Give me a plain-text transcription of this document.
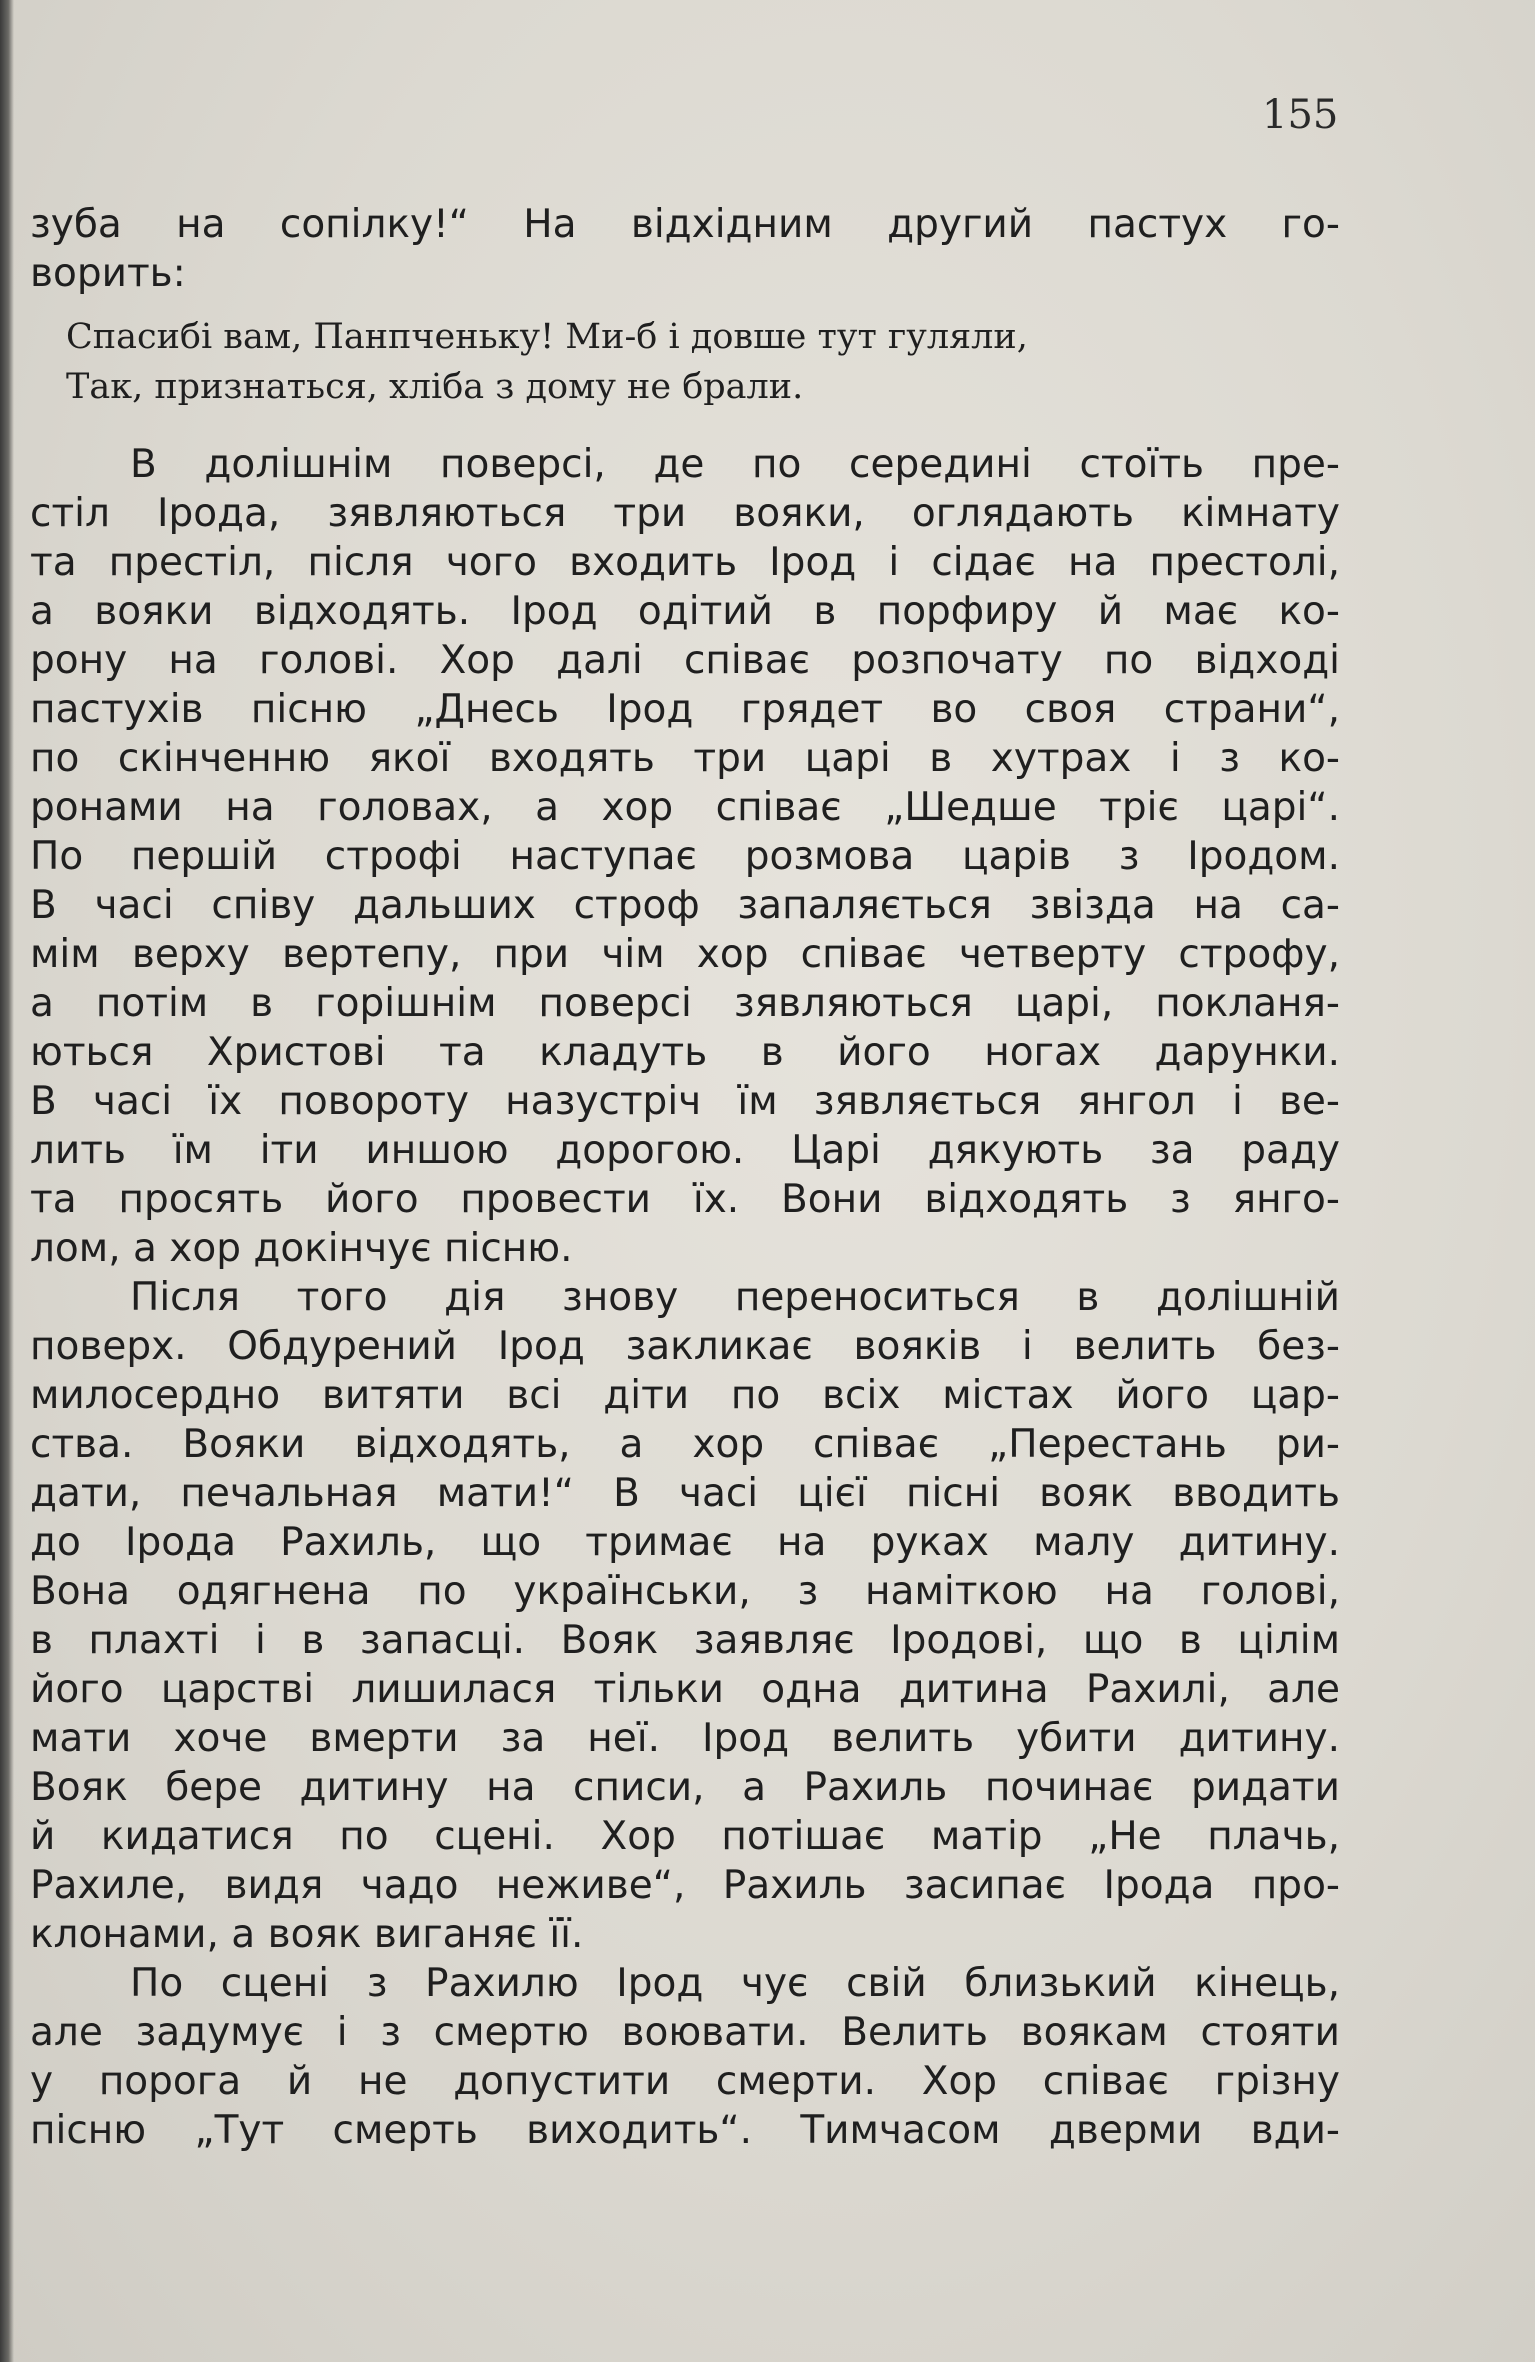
155
зуба на сопілку!“ На відхідним другий пастух го-
ворить:
Спасибі вам, Панпченьку! Ми-б і довше тут гуляли,
Так, признаться, хліба з дому не брали.
В долішнім поверсі, де по середині стоїть пре-
стіл Ірода, зявляються три вояки, оглядають кімнату
та престіл, після чого входить Ірод і сідає на престолі,
а вояки відходять. Ірод одітий в порфиру й має ко-
рону на голові. Хор далі співає розпочату по відході
пастухів пісню „Днесь Ірод грядет во своя страни“,
по скінченню якої входять три царі в хутрах і з ко-
ронами на головах, а хор співає „Шедше тріє царі“.
По першій строфі наступає розмова царів з Іродом.
В часі співу дальших строф запаляється звізда на са-
мім верху вертепу, при чім хор співає четверту строфу,
а потім в горішнім поверсі зявляються царі, покланя-
ються Христові та кладуть в його ногах дарунки.
В часі їх повороту назустріч їм зявляється янгол і ве-
лить їм іти иншою дорогою. Царі дякують за раду
та просять його провести їх. Вони відходять з янго-
лом, а хор докінчує пісню.
Після того дія знову переноситься в долішній
поверх. Обдурений Ірод закликає вояків і велить без-
милосердно витяти всі діти по всіх містах його цар-
ства. Вояки відходять, а хор співає „Перестань ри-
дати, печальная мати!“ В часі цієї пісні вояк вводить
до Ірода Рахиль, що тримає на руках малу дитину.
Вона одягнена по українськи, з наміткою на голові,
в плахті і в запасці. Вояк заявляє Іродові, що в цілім
його царстві лишилася тільки одна дитина Рахилі, але
мати хоче вмерти за неї. Ірод велить убити дитину.
Вояк бере дитину на списи, а Рахиль починає ридати
й кидатися по сцені. Хор потішає матір „Не плачь,
Рахиле, видя чадо неживе“, Рахиль засипає Ірода про-
клонами, а вояк виганяє її.
По сцені з Рахилю Ірод чує свій близький кінець,
але задумує і з смертю воювати. Велить воякам стояти
у порога й не допустити смерти. Хор співає грізну
пісню „Тут смерть виходить“. Тимчасом дверми вди-
